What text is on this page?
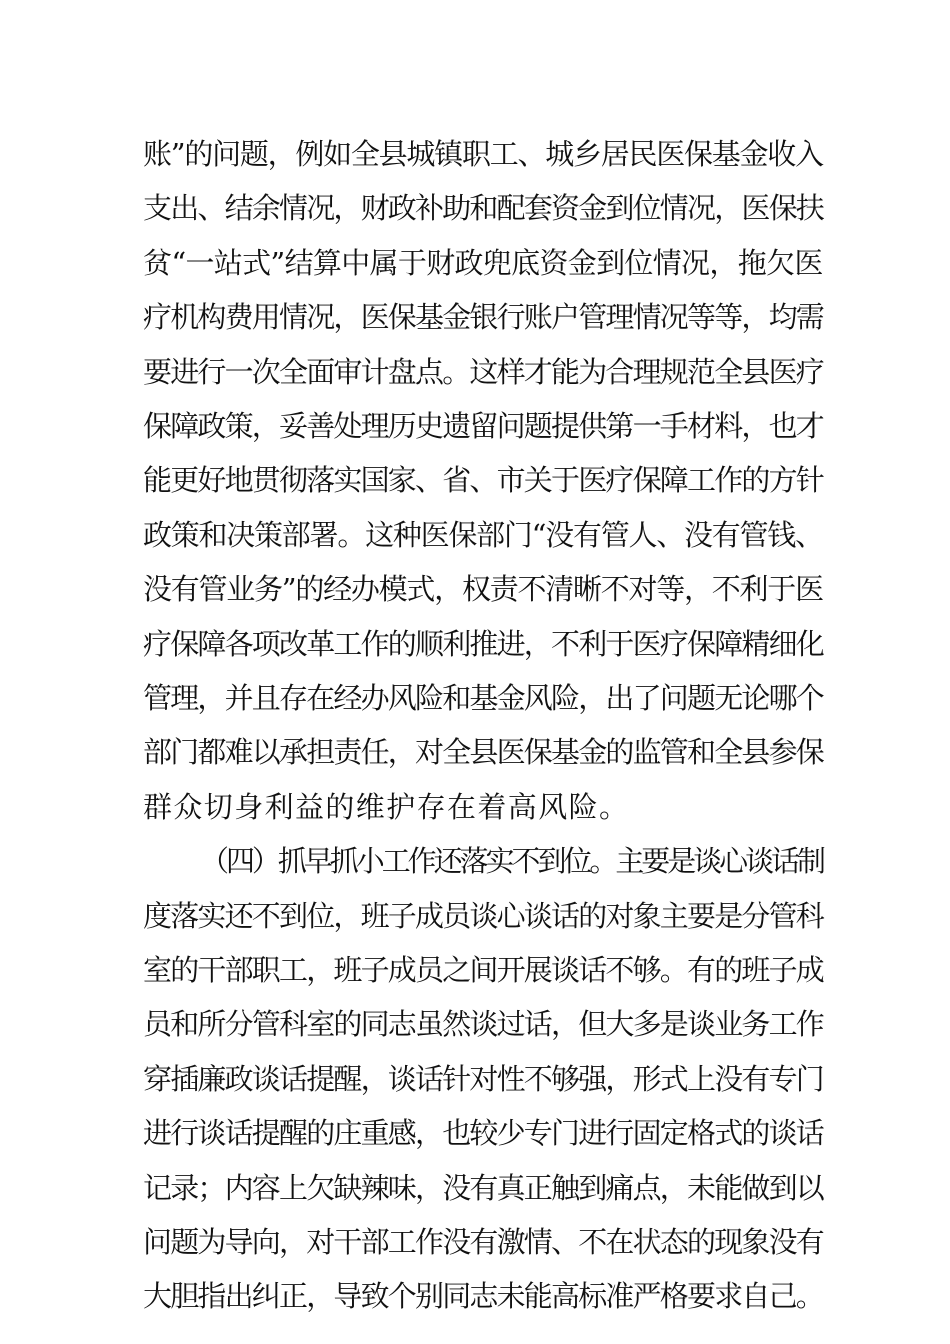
账”的问题，例如全县城镇职工、城乡居民医保基金收入
支出、结余情况，财政补助和配套资金到位情况，医保扶
贫“一站式”结算中属于财政兜底资金到位情况，拖欠医
疗机构费用情况，医保基金银行账户管理情况等等，均需
要进行一次全面审计盘点。这样才能为合理规范全县医疗
保障政策，妥善处理历史遗留问题提供第一手材料，也才
能更好地贯彻落实国家、省、市关于医疗保障工作的方针
政策和决策部署。这种医保部门“没有管人、没有管钱、
没有管业务”的经办模式，权责不清晰不对等，不利于医
疗保障各项改革工作的顺利推进，不利于医疗保障精细化
管理，并且存在经办风险和基金风险，出了问题无论哪个
部门都难以承担责任，对全县医保基金的监管和全县参保
群众切身利益的维护存在着高风险。
（四）抓早抓小工作还落实不到位。主要是谈心谈话制
度落实还不到位，班子成员谈心谈话的对象主要是分管科
室的干部职工，班子成员之间开展谈话不够。有的班子成
员和所分管科室的同志虽然谈过话，但大多是谈业务工作
穿插廉政谈话提醒，谈话针对性不够强，形式上没有专门
进行谈话提醒的庄重感，也较少专门进行固定格式的谈话
记录；内容上欠缺辣味，没有真正触到痛点，未能做到以
问题为导向，对干部工作没有激情、不在状态的现象没有
大胆指出纠正，导致个别同志未能高标准严格要求自己。
